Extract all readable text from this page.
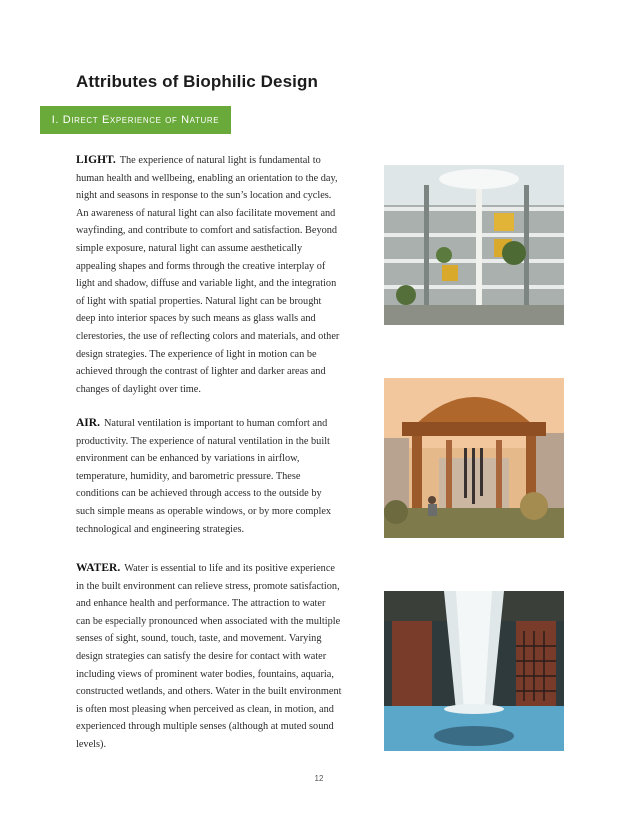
Attributes of Biophilic Design
I. Direct Experience of Nature

LIGHT. The experience of natural light is fundamental to human health and wellbeing, enabling an orientation to the day, night and seasons in response to the sun’s location and cycles. An awareness of natural light can also facilitate movement and wayfinding, and contribute to comfort and satisfaction. Beyond simple exposure, natural light can assume aesthetically appealing shapes and forms through the creative interplay of light and shadow, diffuse and variable light, and the integration of light with spatial properties. Natural light can be brought deep into interior spaces by such means as glass walls and clerestories, the use of reflecting colors and materials, and other design strategies. The experience of light in motion can be achieved through the contrast of lighter and darker areas and changes of daylight over time.

AIR. Natural ventilation is important to human comfort and productivity. The experience of natural ventilation in the built environment can be enhanced by variations in airflow, temperature, humidity, and barometric pressure. These conditions can be achieved through access to the outside by such simple means as operable windows, or by more complex technological and engineering strategies.

WATER. Water is essential to life and its positive experience in the built environment can relieve stress, promote satisfaction, and enhance health and performance. The attraction to water can be especially pronounced when associated with the multiple senses of sight, sound, touch, taste, and movement. Varying design strategies can satisfy the desire for contact with water including views of prominent water bodies, fountains, aquaria, constructed wetlands, and others. Water in the built environment is often most pleasing when perceived as clean, in motion, and experienced through multiple senses (although at muted sound levels).

12
